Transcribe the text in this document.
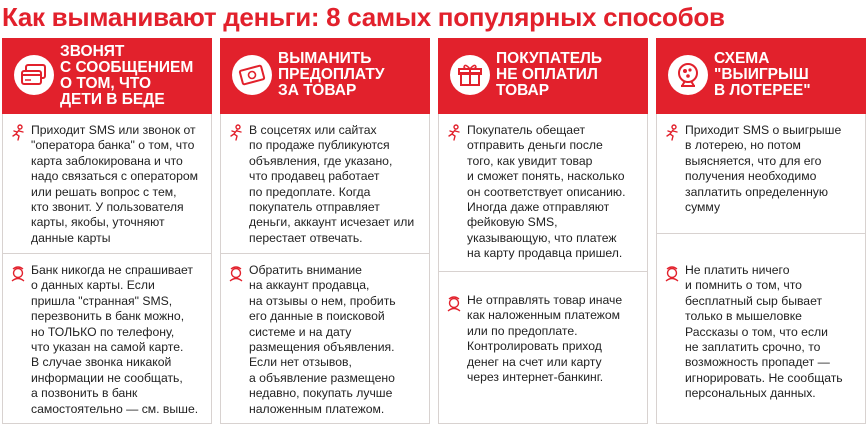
Как выманивают деньги: 8 самых популярных способов
ЗВОНЯТ
С СООБЩЕНИЕМ
О ТОМ, ЧТО
ДЕТИ В БЕДЕ
Приходит SMS или звонок от
"оператора банка" о том, что
карта заблокирована и что
надо связаться с оператором
или решать вопрос с тем,
кто звонит. У пользователя
карты, якобы, уточняют
данные карты
Банк никогда не спрашивает
о данных карты. Если
пришла "странная" SMS,
перезвонить в банк можно,
но ТОЛЬКО по телефону,
что указан на самой карте.
В случае звонка никакой
информации не сообщать,
а позвонить в банк
самостоятельно — см. выше.
ВЫМАНИТЬ
ПРЕДОПЛАТУ
ЗА ТОВАР
В соцсетях или сайтах
по продаже публикуются
объявления, где указано,
что продавец работает
по предоплате. Когда
покупатель отправляет
деньги, аккаунт исчезает или
перестает отвечать.
Обратить внимание
на аккаунт продавца,
на отзывы о нем, пробить
его данные в поисковой
системе и на дату
размещения объявления.
Если нет отзывов,
а объявление размещено
недавно, покупать лучше
наложенным платежом.
ПОКУПАТЕЛЬ
НЕ ОПЛАТИЛ
ТОВАР
Покупатель обещает
отправить деньги после
того, как увидит товар
и сможет понять, насколько
он соответствует описанию.
Иногда даже отправляют
фейковую SMS,
указывающую, что платеж
на карту продавца пришел.
Не отправлять товар иначе
как наложенным платежом
или по предоплате.
Контролировать приход
денег на счет или карту
через интернет-банкинг.
СХЕМА
"ВЫИГРЫШ
В ЛОТЕРЕЕ"
Приходит SMS о выигрыше
в лотерею, но потом
выясняется, что для его
получения необходимо
заплатить определенную
сумму
Не платить ничего
и помнить о том, что
бесплатный сыр бывает
только в мышеловке
Рассказы о том, что если
не заплатить срочно, то
возможность пропадет —
игнорировать. Не сообщать
персональных данных.
